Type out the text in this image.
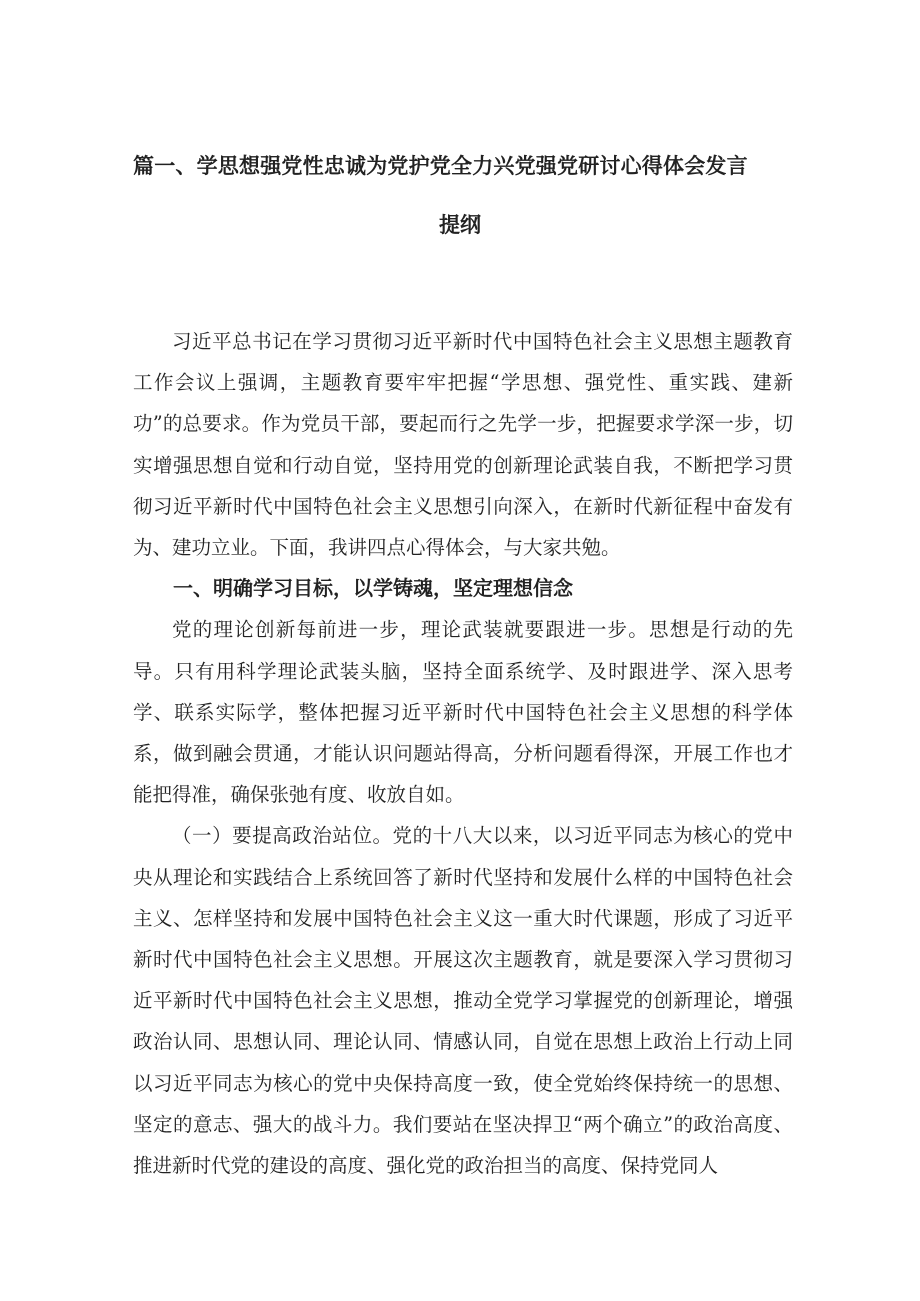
篇一、学思想强党性忠诚为党护党全力兴党强党研讨心得体会发言
提纲

习近平总书记在学习贯彻习近平新时代中国特色社会主义思想主题教育工作会议上强调，主题教育要牢牢把握“学思想、强党性、重实践、建新功”的总要求。作为党员干部，要起而行之先学一步，把握要求学深一步，切实增强思想自觉和行动自觉，坚持用党的创新理论武装自我，不断把学习贯彻习近平新时代中国特色社会主义思想引向深入，在新时代新征程中奋发有为、建功立业。下面，我讲四点心得体会，与大家共勉。

一、明确学习目标，以学铸魂，坚定理想信念

党的理论创新每前进一步，理论武装就要跟进一步。思想是行动的先导。只有用科学理论武装头脑，坚持全面系统学、及时跟进学、深入思考学、联系实际学，整体把握习近平新时代中国特色社会主义思想的科学体系，做到融会贯通，才能认识问题站得高，分析问题看得深，开展工作也才能把得准，确保张弛有度、收放自如。

（一）要提高政治站位。党的十八大以来，以习近平同志为核心的党中央从理论和实践结合上系统回答了新时代坚持和发展什么样的中国特色社会主义、怎样坚持和发展中国特色社会主义这一重大时代课题，形成了习近平新时代中国特色社会主义思想。开展这次主题教育，就是要深入学习贯彻习近平新时代中国特色社会主义思想，推动全党学习掌握党的创新理论，增强政治认同、思想认同、理论认同、情感认同，自觉在思想上政治上行动上同以习近平同志为核心的党中央保持高度一致，使全党始终保持统一的思想、坚定的意志、强大的战斗力。我们要站在坚决捍卫“两个确立”的政治高度、推进新时代党的建设的高度、强化党的政治担当的高度、保持党同人
